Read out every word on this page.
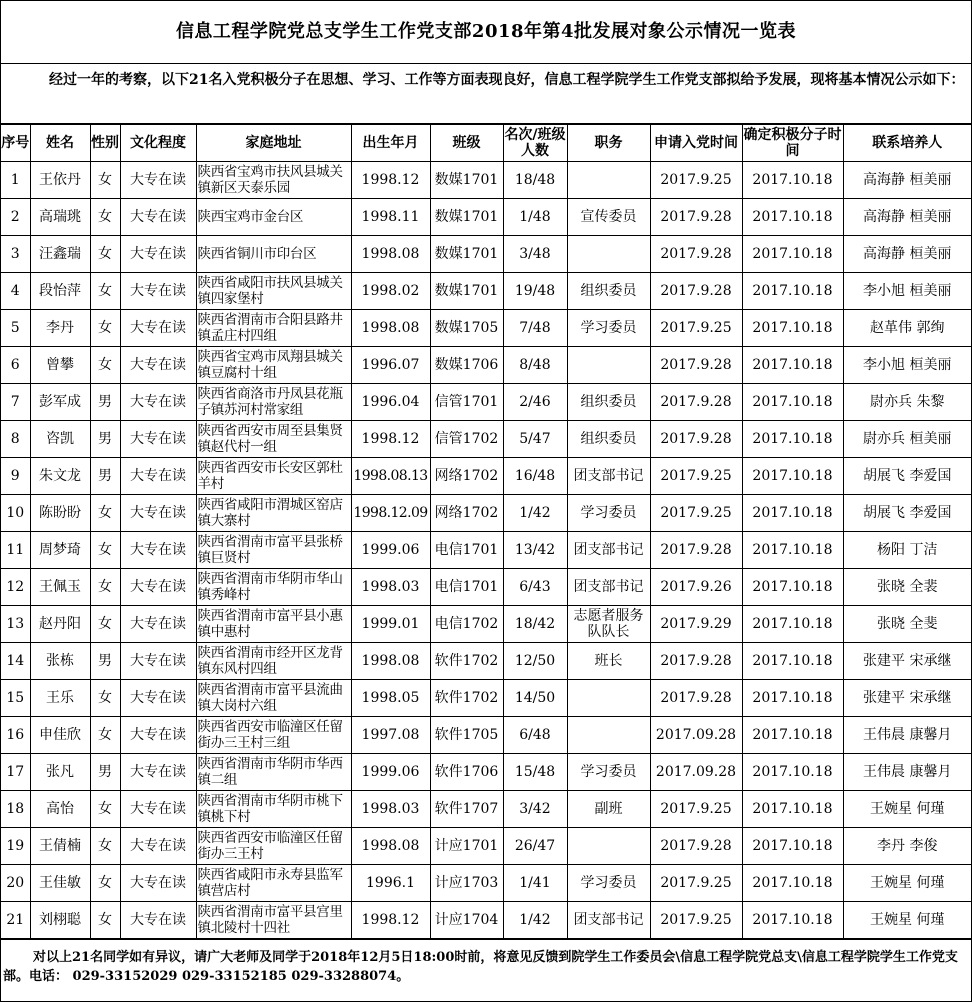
信息工程学院党总支学生工作党支部2018年第4批发展对象公示情况一览表
经过一年的考察，以下21名入党积极分子在思想、学习、工作等方面表现良好，信息工程学院学生工作党支部拟给予发展，现将基本情况公示如下：
序号	姓名	性别	文化程度	家庭地址	出生年月	班级	名次/班级人数	职务	申请入党时间	确定积极分子时间	联系培养人
1	王依丹	女	大专在读	陕西省宝鸡市扶风县城关镇新区天泰乐园	1998.12	数媒1701	18/48		2017.9.25	2017.10.18	高海静 桓美丽
2	高瑞珧	女	大专在读	陕西宝鸡市金台区	1998.11	数媒1701	1/48	宣传委员	2017.9.28	2017.10.18	高海静 桓美丽
3	汪鑫瑞	女	大专在读	陕西省铜川市印台区	1998.08	数媒1701	3/48		2017.9.28	2017.10.18	高海静 桓美丽
4	段怡萍	女	大专在读	陕西省咸阳市扶风县城关镇四家堡村	1998.02	数媒1701	19/48	组织委员	2017.9.28	2017.10.18	李小旭 桓美丽
5	李丹	女	大专在读	陕西省渭南市合阳县路井镇孟庄村四组	1998.08	数媒1705	7/48	学习委员	2017.9.25	2017.10.18	赵革伟 郭绚
6	曾攀	女	大专在读	陕西省宝鸡市凤翔县城关镇豆腐村十组	1996.07	数媒1706	8/48		2017.9.28	2017.10.18	李小旭 桓美丽
7	彭军成	男	大专在读	陕西省商洛市丹凤县花瓶子镇苏河村常家组	1996.04	信管1701	2/46	组织委员	2017.9.28	2017.10.18	尉亦兵 朱黎
8	咨凯	男	大专在读	陕西省西安市周至县集贤镇赵代村一组	1998.12	信管1702	5/47	组织委员	2017.9.28	2017.10.18	尉亦兵 桓美丽
9	朱文龙	男	大专在读	陕西省西安市长安区郭杜羊村	1998.08.13	网络1702	16/48	团支部书记	2017.9.25	2017.10.18	胡展飞 李爱国
10	陈盼盼	女	大专在读	陕西省咸阳市渭城区窑店镇大寨村	1998.12.09	网络1702	1/42	学习委员	2017.9.25	2017.10.18	胡展飞 李爱国
11	周梦琦	女	大专在读	陕西省渭南市富平县张桥镇巨贤村	1999.06	电信1701	13/42	团支部书记	2017.9.28	2017.10.18	杨阳 丁洁
12	王佩玉	女	大专在读	陕西省渭南市华阴市华山镇秀峰村	1998.03	电信1701	6/43	团支部书记	2017.9.26	2017.10.18	张晓 全裴
13	赵丹阳	女	大专在读	陕西省渭南市富平县小惠镇中惠村	1999.01	电信1702	18/42	志愿者服务队队长	2017.9.29	2017.10.18	张晓 全斐
14	张栋	男	大专在读	陕西省渭南市经开区龙背镇东风村四组	1998.08	软件1702	12/50	班长	2017.9.28	2017.10.18	张建平 宋承继
15	王乐	女	大专在读	陕西省渭南市富平县流曲镇大岗村六组	1998.05	软件1702	14/50		2017.9.28	2017.10.18	张建平 宋承继
16	申佳欣	女	大专在读	陕西省西安市临潼区任留街办三王村三组	1997.08	软件1705	6/48		2017.09.28	2017.10.18	王伟晨 康馨月
17	张凡	男	大专在读	陕西省渭南市华阴市华西镇二组	1999.06	软件1706	15/48	学习委员	2017.09.28	2017.10.18	王伟晨 康馨月
18	高怡	女	大专在读	陕西省渭南市华阴市桃下镇桃下村	1998.03	软件1707	3/42	副班	2017.9.25	2017.10.18	王婉星 何瑾
19	王倩楠	女	大专在读	陕西省西安市临潼区任留街办三王村	1998.08	计应1701	26/47		2017.9.28	2017.10.18	李丹 李俊
20	王佳敏	女	大专在读	陕西省咸阳市永寿县监军镇营店村	1996.1	计应1703	1/41	学习委员	2017.9.25	2017.10.18	王婉星 何瑾
21	刘栩聪	女	大专在读	陕西省渭南市富平县宫里镇北陵村十四社	1998.12	计应1704	1/42	团支部书记	2017.9.25	2017.10.18	王婉星 何瑾
对以上21名同学如有异议，请广大老师及同学于2018年12月5日18:00时前，将意见反馈到院学生工作委员会\信息工程学院党总支\信息工程学院学生工作党支部。电话： 029-33152029 029-33152185 029-33288074。
